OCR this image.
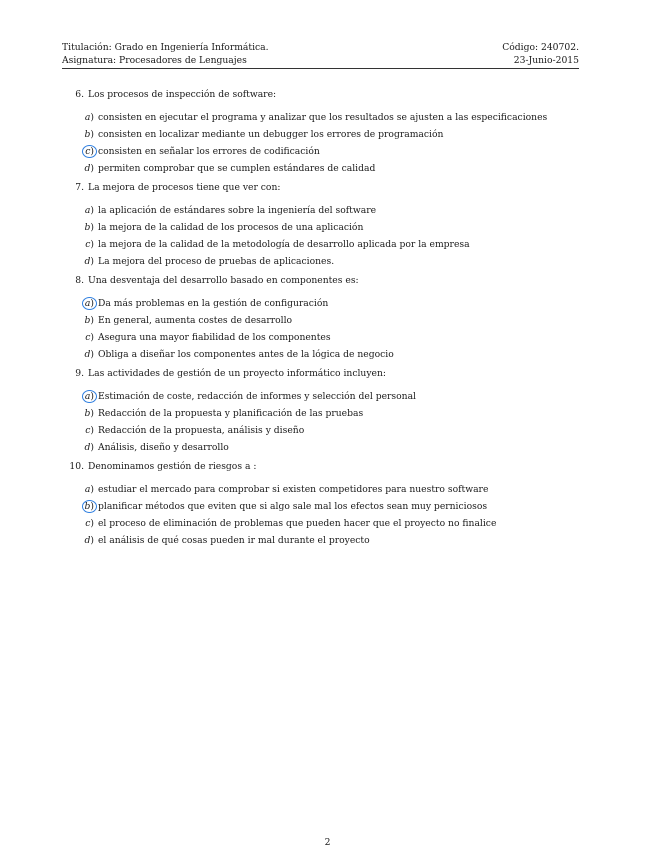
Titulación: Grado en Ingeniería Informática.	Código: 240702.
Asignatura: Procesadores de Lenguajes	23-Junio-2015
6. Los procesos de inspección de software:
a) consisten en ejecutar el programa y analizar que los resultados se ajusten a las especificaciones
b) consisten en localizar mediante un debugger los errores de programación
c) consisten en señalar los errores de codificación
d) permiten comprobar que se cumplen estándares de calidad
7. La mejora de procesos tiene que ver con:
a) la aplicación de estándares sobre la ingeniería del software
b) la mejora de la calidad de los procesos de una aplicación
c) la mejora de la calidad de la metodología de desarrollo aplicada por la empresa
d) La mejora del proceso de pruebas de aplicaciones.
8. Una desventaja del desarrollo basado en componentes es:
a) Da más problemas en la gestión de configuración
b) En general, aumenta costes de desarrollo
c) Asegura una mayor fiabilidad de los componentes
d) Obliga a diseñar los componentes antes de la lógica de negocio
9. Las actividades de gestión de un proyecto informático incluyen:
a) Estimación de coste, redacción de informes y selección del personal
b) Redacción de la propuesta y planificación de las pruebas
c) Redacción de la propuesta, análisis y diseño
d) Análisis, diseño y desarrollo
10. Denominamos gestión de riesgos a :
a) estudiar el mercado para comprobar si existen competidores para nuestro software
b) planificar métodos que eviten que si algo sale mal los efectos sean muy perniciosos
c) el proceso de eliminación de problemas que pueden hacer que el proyecto no finalice
d) el análisis de qué cosas pueden ir mal durante el proyecto
2
